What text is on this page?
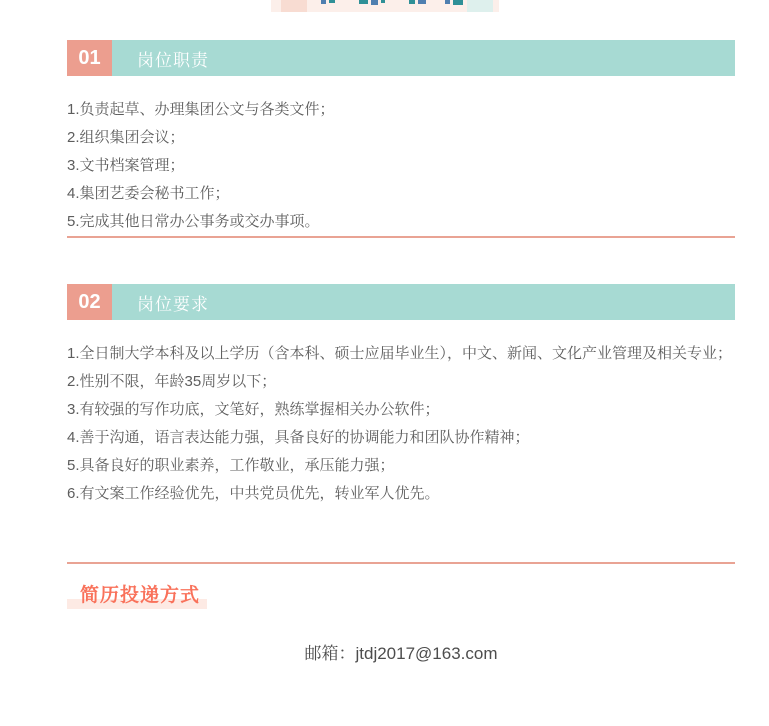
01	岗位职责
1.负责起草、办理集团公文与各类文件；
2.组织集团会议；
3.文书档案管理；
4.集团艺委会秘书工作；
5.完成其他日常办公事务或交办事项。
02	岗位要求
1.全日制大学本科及以上学历（含本科、硕士应届毕业生），中文、新闻、文化产业管理及相关专业；
2.性别不限，年龄35周岁以下；
3.有较强的写作功底，文笔好，熟练掌握相关办公软件；
4.善于沟通，语言表达能力强，具备良好的协调能力和团队协作精神；
5.具备良好的职业素养，工作敬业，承压能力强；
6.有文案工作经验优先，中共党员优先，转业军人优先。
简历投递方式
邮箱：jtdj2017@163.com
